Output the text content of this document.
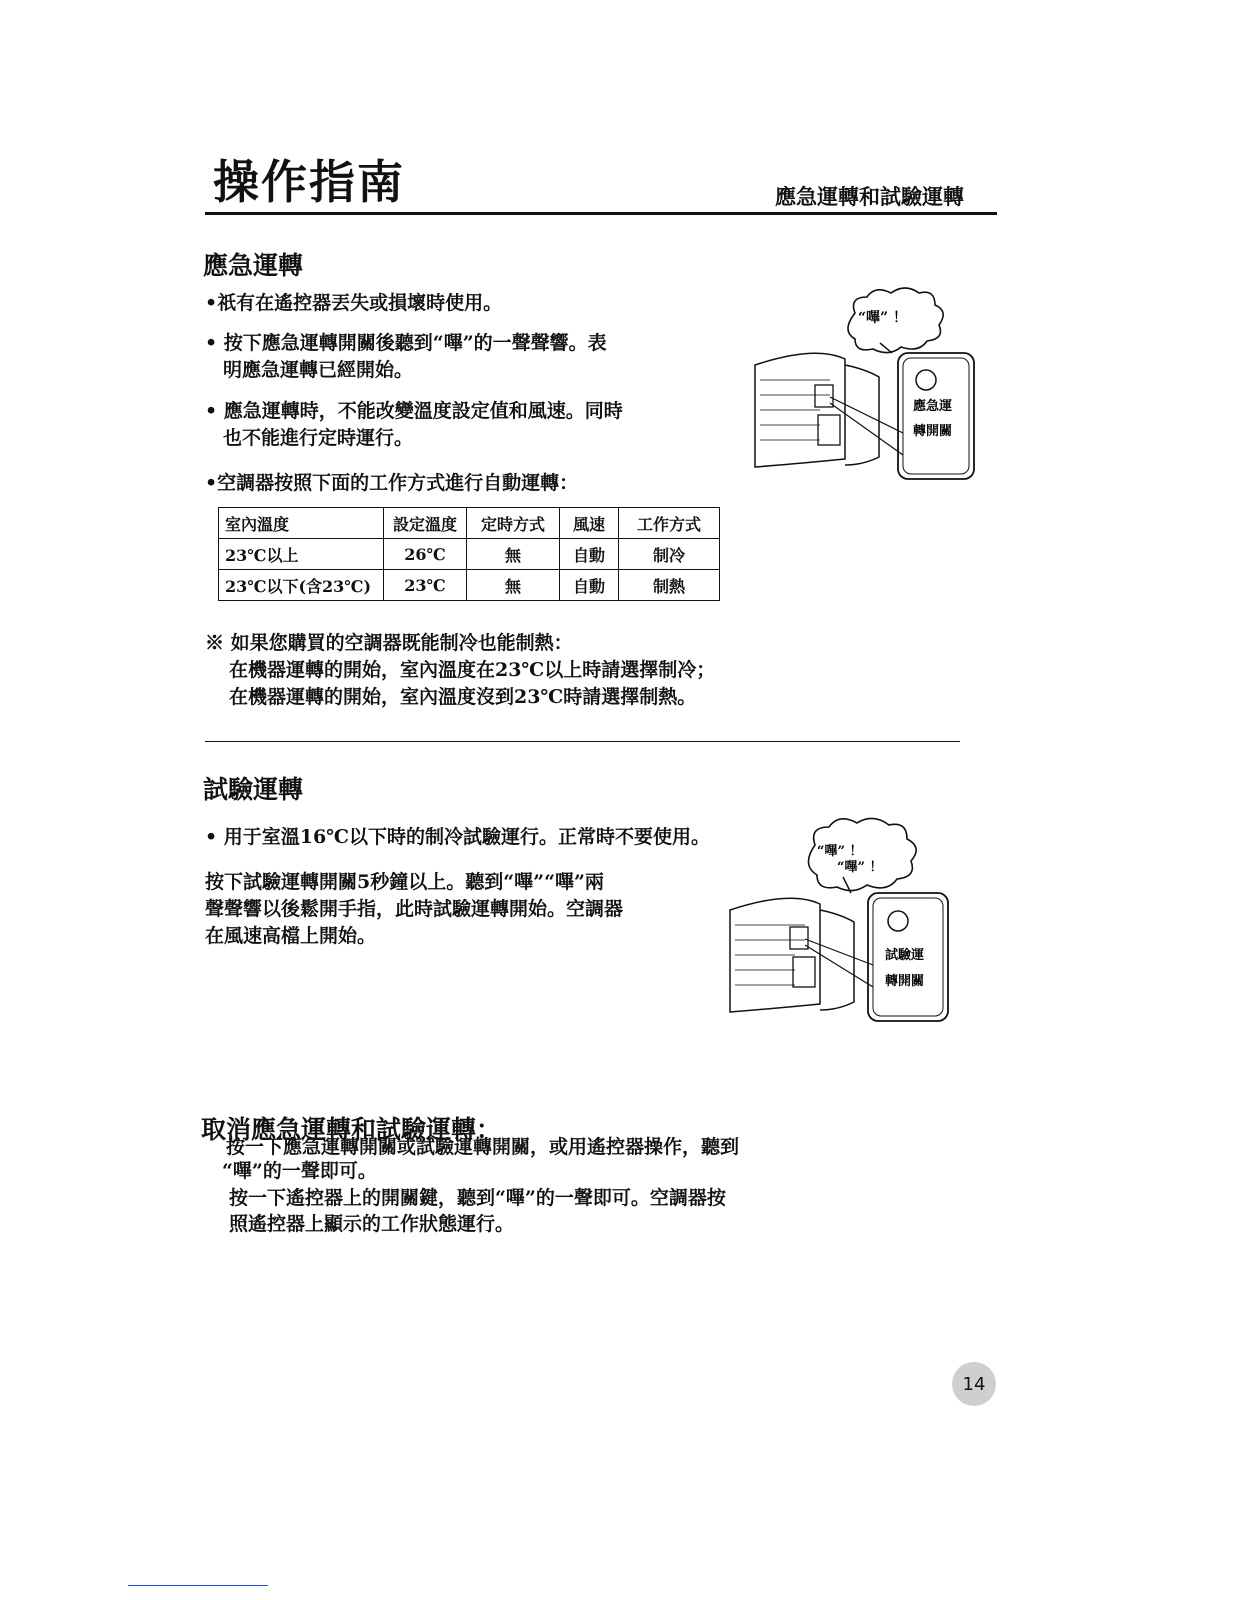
操作指南	應急運轉和試驗運轉
應急運轉
•祇有在遙控器丟失或損壞時使用。
• 按下應急運轉開關後聽到“嗶”的一聲聲響。表
明應急運轉已經開始。
• 應急運轉時，不能改變溫度設定值和風速。同時
也不能進行定時運行。
•空調器按照下面的工作方式進行自動運轉：
室內溫度	設定溫度	定時方式	風速	工作方式
23℃以上	26℃	無	自動	制冷
23℃以下(含23℃)	23℃	無	自動	制熱
※ 如果您購買的空調器既能制冷也能制熱：
在機器運轉的開始，室內溫度在23℃以上時請選擇制冷；
在機器運轉的開始，室內溫度沒到23℃時請選擇制熱。
“嗶” ！
應急運
轉開關
試驗運轉
• 用于室溫16℃以下時的制冷試驗運行。正常時不要使用。
按下試驗運轉開關5秒鐘以上。聽到“嗶”“嗶”兩
聲聲響以後鬆開手指，此時試驗運轉開始。空調器
在風速高檔上開始。
“嗶” ！
“嗶” ！
試驗運
轉開關
取消應急運轉和試驗運轉：
按一下應急運轉開關或試驗運轉開關，或用遙控器操作，聽到
“嗶”的一聲即可。
按一下遙控器上的開關鍵，聽到“嗶”的一聲即可。空調器按
照遙控器上顯示的工作狀態運行。
14
